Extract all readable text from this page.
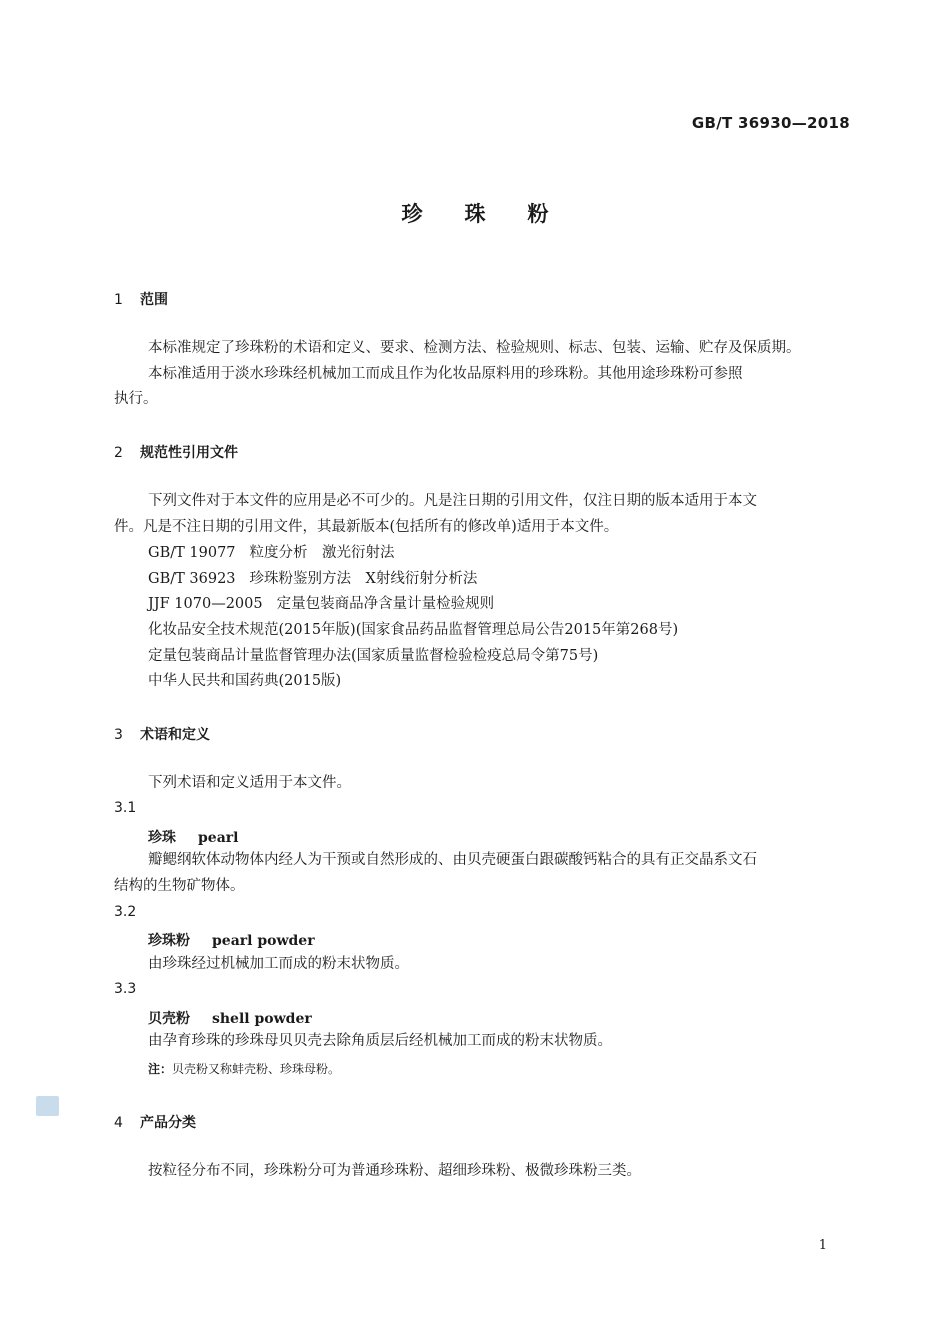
GB/T 36930—2018
珍珠粉
1 范围
本标准规定了珍珠粉的术语和定义、要求、检测方法、检验规则、标志、包装、运输、贮存及保质期。
本标准适用于淡水珍珠经机械加工而成且作为化妆品原料用的珍珠粉。其他用途珍珠粉可参照
执行。
2 规范性引用文件
下列文件对于本文件的应用是必不可少的。凡是注日期的引用文件，仅注日期的版本适用于本文
件。凡是不注日期的引用文件，其最新版本(包括所有的修改单)适用于本文件。
GB/T 19077 粒度分析　激光衍射法
GB/T 36923 珍珠粉鉴别方法　X射线衍射分析法
JJF 1070—2005 定量包装商品净含量计量检验规则
化妆品安全技术规范(2015年版)(国家食品药品监督管理总局公告2015年第268号)
定量包装商品计量监督管理办法(国家质量监督检验检疫总局令第75号)
中华人民共和国药典(2015版)
3 术语和定义
下列术语和定义适用于本文件。
3.1
珍珠 pearl
瓣鳃纲软体动物体内经人为干预或自然形成的、由贝壳硬蛋白跟碳酸钙粘合的具有正交晶系文石
结构的生物矿物体。
3.2
珍珠粉 pearl powder
由珍珠经过机械加工而成的粉末状物质。
3.3
贝壳粉 shell powder
由孕育珍珠的珍珠母贝贝壳去除角质层后经机械加工而成的粉末状物质。
注：贝壳粉又称蚌壳粉、珍珠母粉。
4 产品分类
按粒径分布不同，珍珠粉分可为普通珍珠粉、超细珍珠粉、极微珍珠粉三类。
1
